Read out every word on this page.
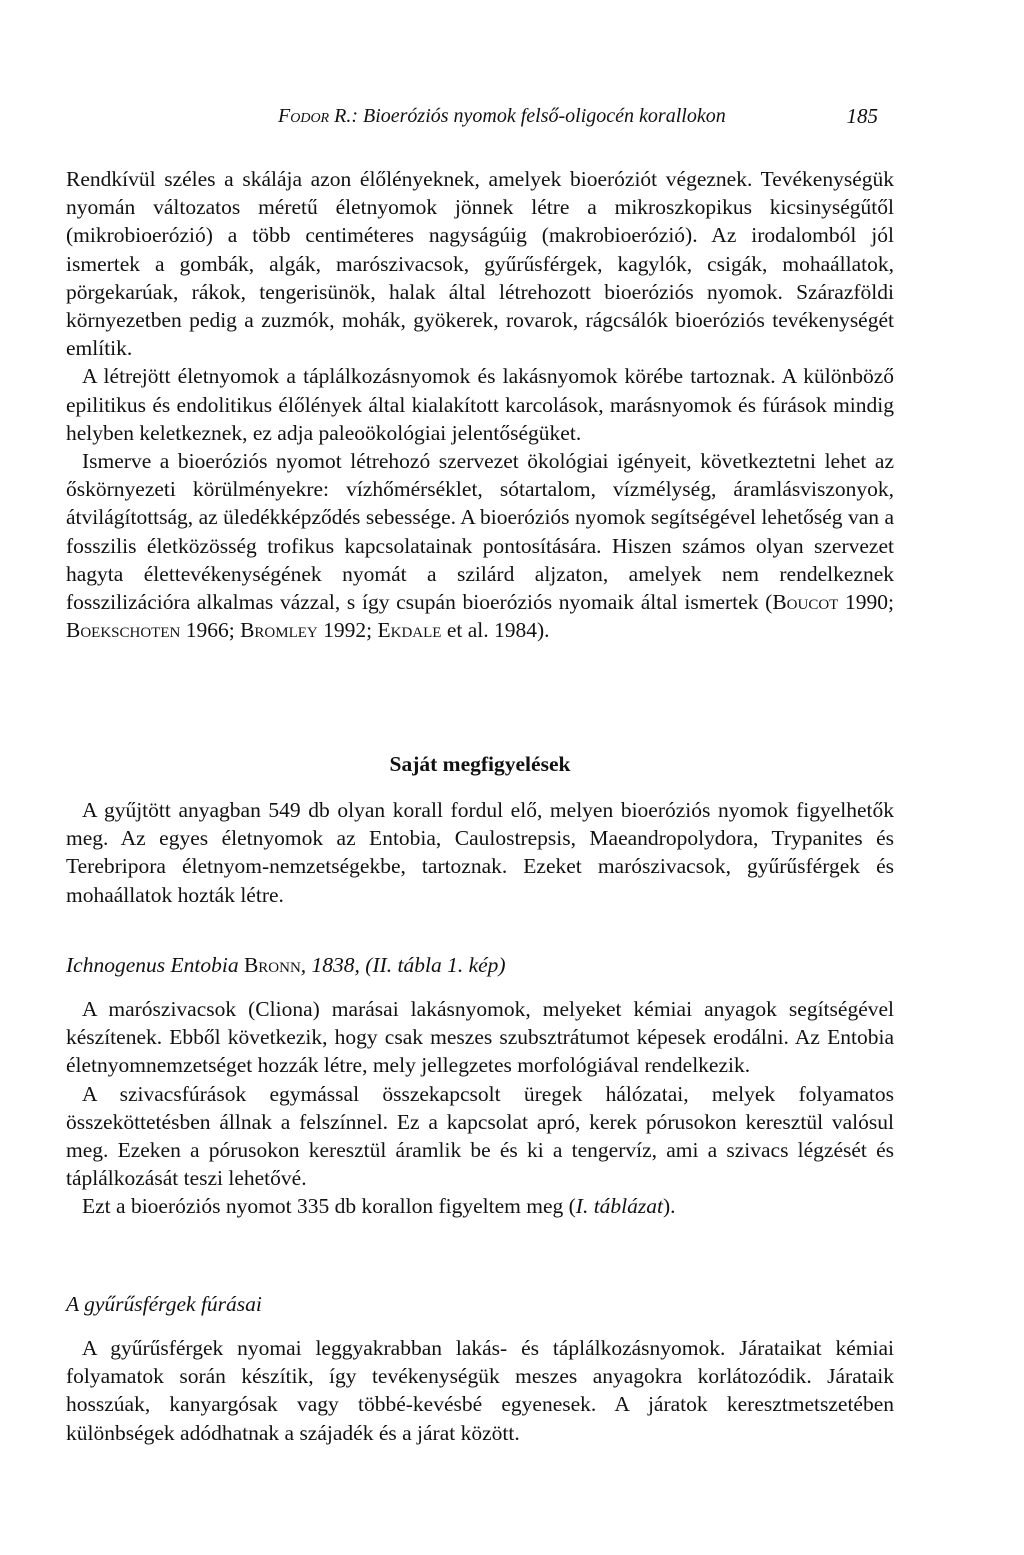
Fodor R.: Bioeróziós nyomok felső-oligocén korallokon	185

Rendkívül széles a skálája azon élőlényeknek, amelyek bioeróziót végeznek. Tevékenységük nyomán változatos méretű életnyomok jönnek létre a mikroszkopikus kicsinységűtől (mikrobioerózió) a több centiméteres nagyságúig (makrobioerózió). Az irodalomból jól ismertek a gombák, algák, marószivacsok, gyűrűsférgek, kagylók, csigák, mohaállatok, pörgekarúak, rákok, tengerisünök, halak által létrehozott bioeróziós nyomok. Szárazföldi környezetben pedig a zuzmók, mohák, gyökerek, rovarok, rágcsálók bioeróziós tevékenységét említik.

A létrejött életnyomok a táplálkozásnyomok és lakásnyomok körébe tartoznak. A különböző epilitikus és endolitikus élőlények által kialakított karcolások, marásnyomok és fúrások mindig helyben keletkeznek, ez adja paleoökológiai jelentőségüket.

Ismerve a bioeróziós nyomot létrehozó szervezet ökológiai igényeit, következtetni lehet az őskörnyezeti körülményekre: vízhőmérséklet, sótartalom, vízmélység, áramlásviszonyok, átvilágítottság, az üledékképződés sebessége. A bioeróziós nyomok segítségével lehetőség van a fosszilis életközösség trofikus kapcsolatainak pontosítására. Hiszen számos olyan szervezet hagyta élettevékenységének nyomát a szilárd aljzaton, amelyek nem rendelkeznek fosszilizációra alkalmas vázzal, s így csupán bioeróziós nyomaik által ismertek (Boucot 1990; Boekschoten 1966; Bromley 1992; Ekdale et al. 1984).

Saját megfigyelések

A gyűjtött anyagban 549 db olyan korall fordul elő, melyen bioeróziós nyomok figyelhetők meg. Az egyes életnyomok az Entobia, Caulostrepsis, Maeandropolydora, Trypanites és Terebripora életnyom-nemzetségekbe, tartoznak. Ezeket marószivacsok, gyűrűsférgek és mohaállatok hozták létre.

Ichnogenus Entobia Bronn, 1838, (II. tábla 1. kép)

A marószivacsok (Cliona) marásai lakásnyomok, melyeket kémiai anyagok segítségével készítenek. Ebből következik, hogy csak meszes szubsztrátumot képesek erodálni. Az Entobia életnyomnemzetséget hozzák létre, mely jellegzetes morfológiával rendelkezik.

A szivacsfúrások egymással összekapcsolt üregek hálózatai, melyek folyamatos összeköttetésben állnak a felszínnel. Ez a kapcsolat apró, kerek pórusokon keresztül valósul meg. Ezeken a pórusokon keresztül áramlik be és ki a tengervíz, ami a szivacs légzését és táplálkozását teszi lehetővé.

Ezt a bioeróziós nyomot 335 db korallon figyeltem meg (I. táblázat).

A gyűrűsférgek fúrásai

A gyűrűsférgek nyomai leggyakrabban lakás- és táplálkozásnyomok. Járataikat kémiai folyamatok során készítik, így tevékenységük meszes anyagokra korlátozódik. Járataik hosszúak, kanyargósak vagy többé-kevésbé egyenesek. A járatok keresztmetszetében különbségek adódhatnak a szájadék és a járat között.
